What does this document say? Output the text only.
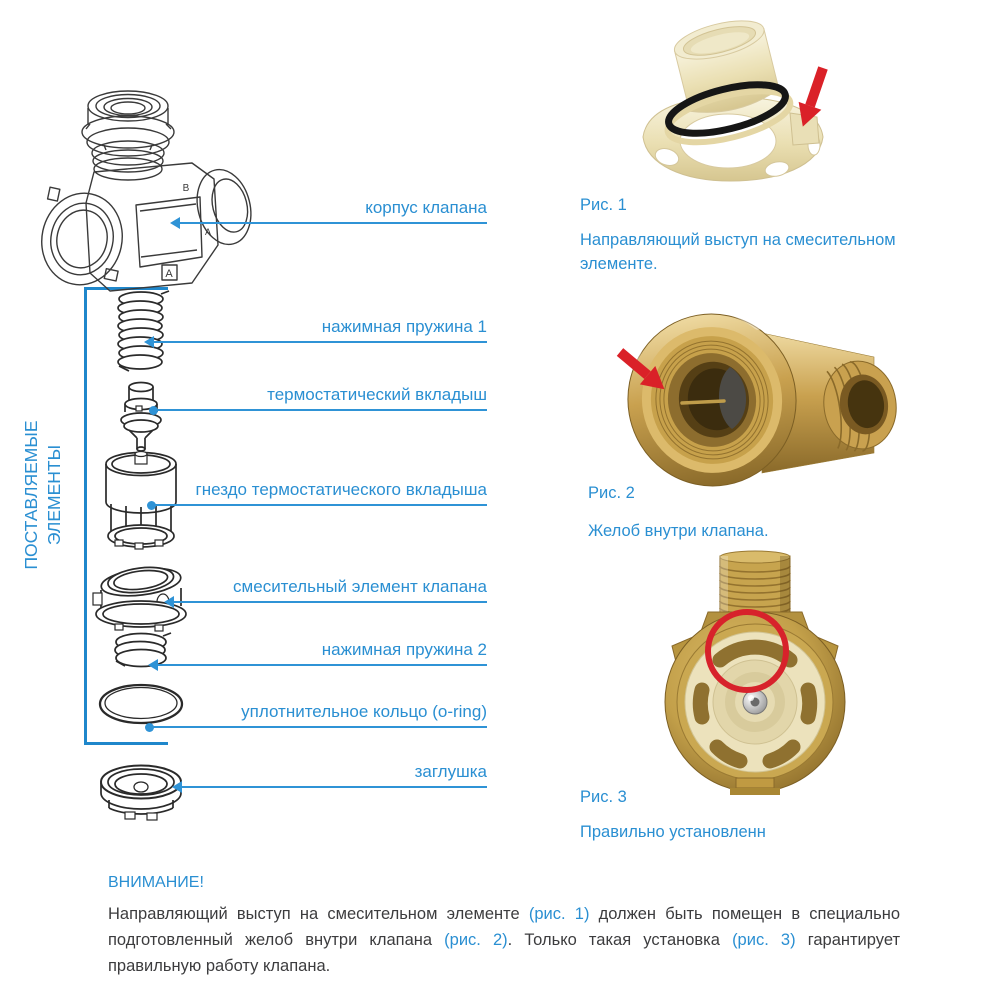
ПОСТАВЛЯЕМЫЕ ЭЛЕМЕНТЫ
A
B
A
корпус клапана
нажимная пружина 1
термостатический вкладыш
гнездо термостатического вкладыша
смесительный элемент клапана
нажимная пружина 2
уплотнительное кольцо (o-ring)
заглушка
Рис. 1
Направляющий выступ на смесительном элементе.
Рис. 2
Желоб внутри клапана.
Рис. 3
Правильно установленн

ВНИМАНИЕ!

Направляющий выступ на смесительном элементе (рис. 1) должен быть помещен в специально подготовленный желоб внутри клапана (рис. 2). Только такая установка (рис. 3) гарантирует правильную работу клапана.
